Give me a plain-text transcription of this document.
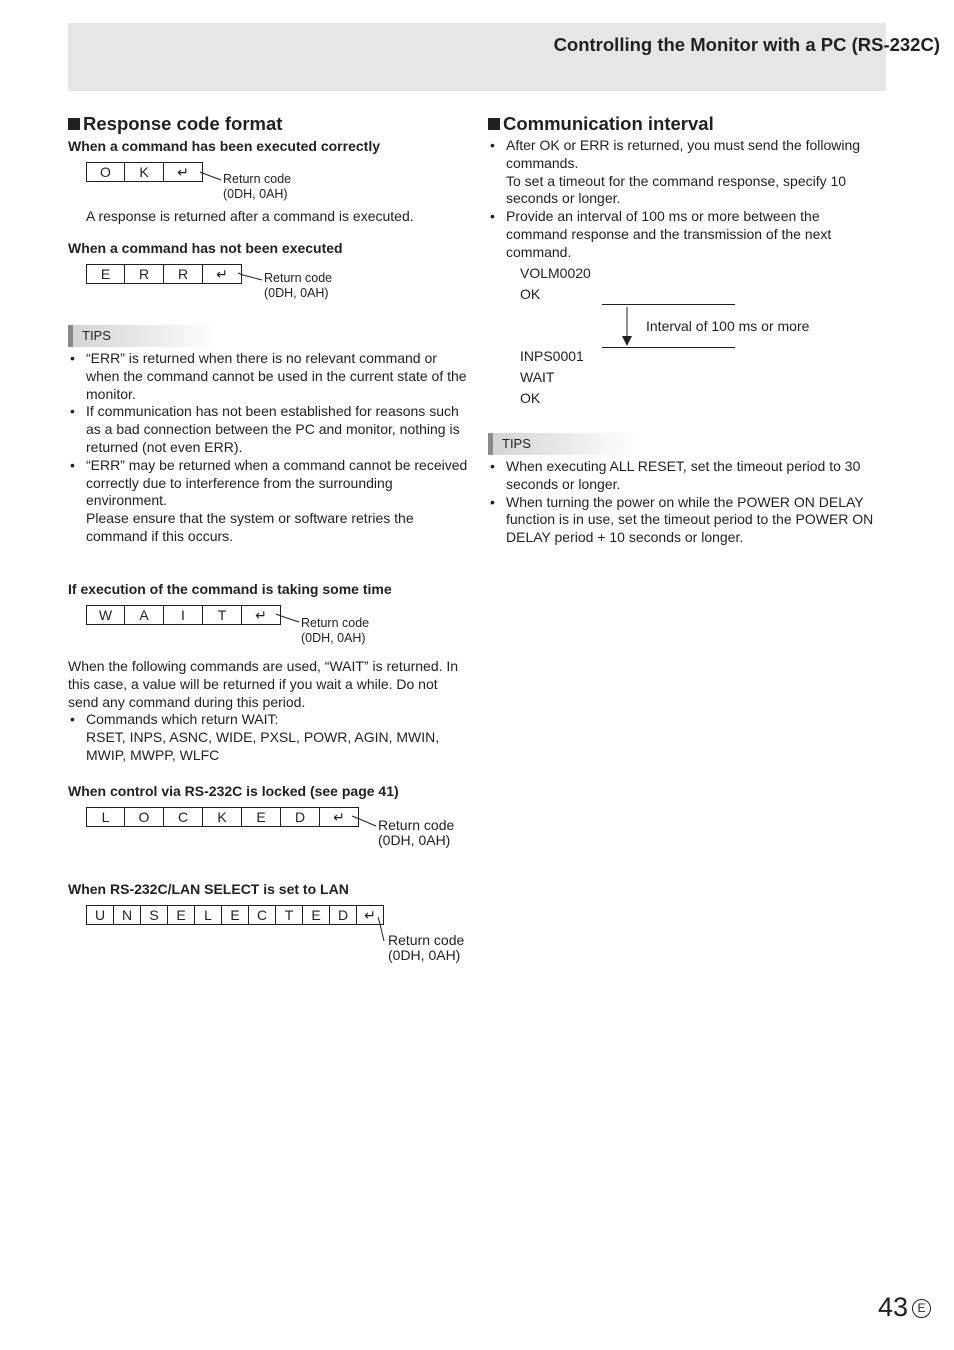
Controlling the Monitor with a PC (RS-232C)
Response code format
When a command has been executed correctly
O	K	↵	Return code
(0DH, 0AH)
A response is returned after a command is executed.
When a command has not been executed
E	R	R	↵	Return code
(0DH, 0AH)
TIPS
• “ERR” is returned when there is no relevant command or when the command cannot be used in the current state of the monitor.
• If communication has not been established for reasons such as a bad connection between the PC and monitor, nothing is returned (not even ERR).
• “ERR” may be returned when a command cannot be received correctly due to interference from the surrounding environment.
Please ensure that the system or software retries the command if this occurs.
If execution of the command is taking some time
W	A	I	T	↵	Return code
(0DH, 0AH)
When the following commands are used, “WAIT” is returned. In this case, a value will be returned if you wait a while. Do not send any command during this period.
• Commands which return WAIT:
RSET, INPS, ASNC, WIDE, PXSL, POWR, AGIN, MWIN, MWIP, MWPP, WLFC
When control via RS-232C is locked (see page 41)
L	O	C	K	E	D	↵	Return code
(0DH, 0AH)
When RS-232C/LAN SELECT is set to LAN
U	N	S	E	L	E	C	T	E	D	↵
Return code
(0DH, 0AH)
Communication interval
• After OK or ERR is returned, you must send the following commands.
To set a timeout for the command response, specify 10 seconds or longer.
• Provide an interval of 100 ms or more between the command response and the transmission of the next command.
VOLM0020
OK
Interval of 100 ms or more
INPS0001
WAIT
OK
TIPS
• When executing ALL RESET, set the timeout period to 30 seconds or longer.
• When turning the power on while the POWER ON DELAY function is in use, set the timeout period to the POWER ON DELAY period + 10 seconds or longer.
43 E
